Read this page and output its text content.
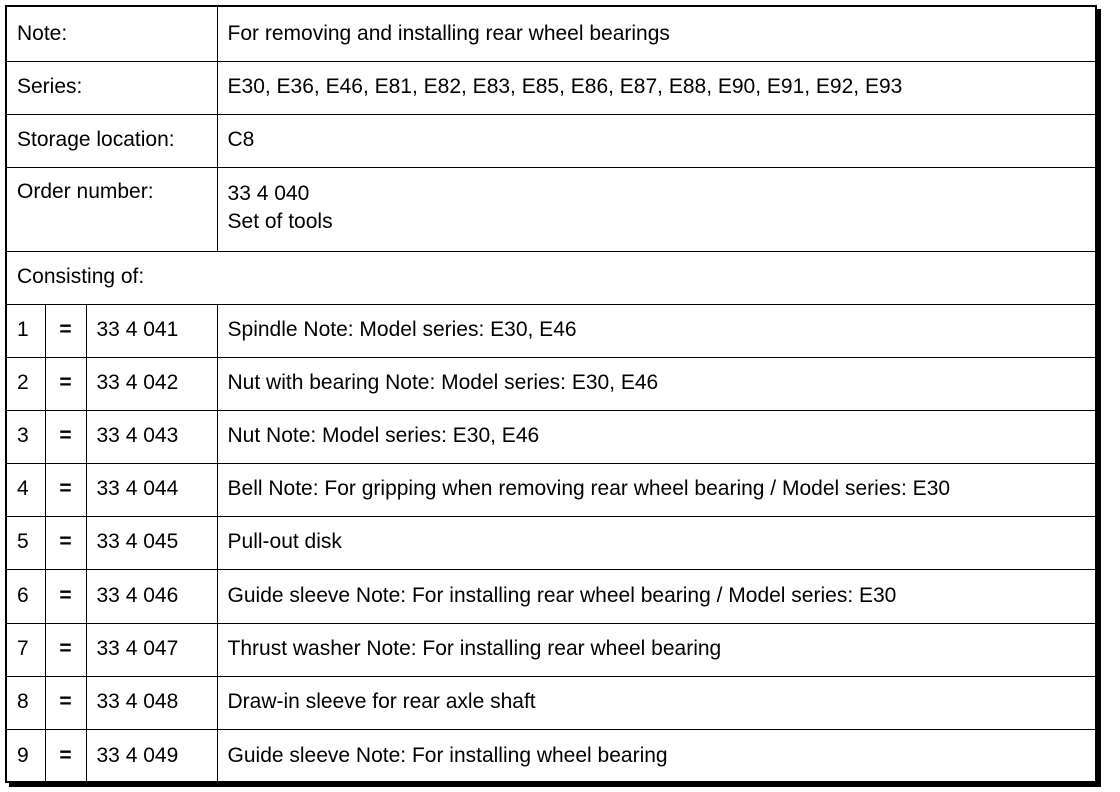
Note:			For removing and installing rear wheel bearings
Series:			E30, E36, E46, E81, E82, E83, E85, E86, E87, E88, E90, E91, E92, E93
Storage location:			C8
Order number:			33 4 040
Set of tools

Consisting of:			
1	=	33 4 041	Spindle Note: Model series: E30, E46
2	=	33 4 042	Nut with bearing Note: Model series: E30, E46
3	=	33 4 043	Nut Note: Model series: E30, E46
4	=	33 4 044	Bell Note: For gripping when removing rear wheel bearing / Model series: E30
5	=	33 4 045	Pull-out disk
6	=	33 4 046	Guide sleeve Note: For installing rear wheel bearing / Model series: E30
7	=	33 4 047	Thrust washer Note: For installing rear wheel bearing
8	=	33 4 048	Draw-in sleeve for rear axle shaft
9	=	33 4 049	Guide sleeve Note: For installing wheel bearing
